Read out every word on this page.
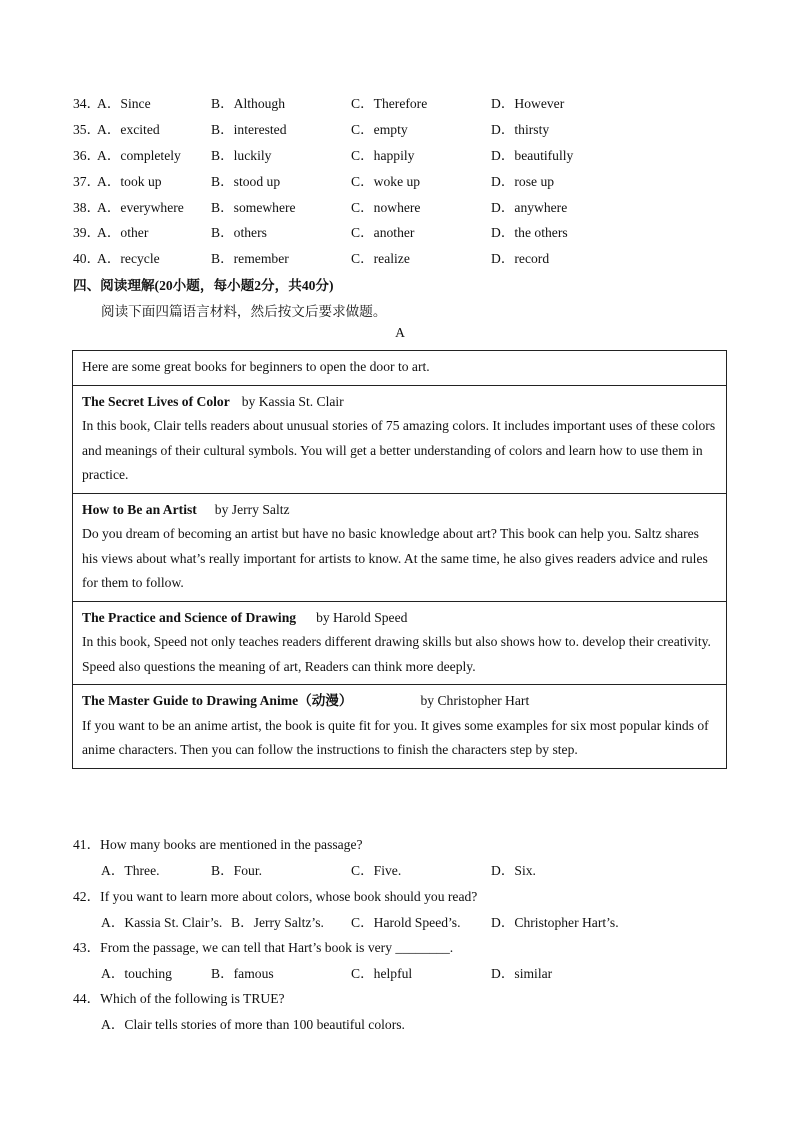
34．
A．Since	B．Although	C．Therefore	D．However
35．
A．excited	B．interested	C．empty	D．thirsty
36．
A．completely B．luckily	C．happily	D．beautifully
37．
A．took up	B．stood up	C．woke up	D．rose up
38．
A．everywhere B．somewhere	C．nowhere	D．anywhere
39．
A．other	B．others	C．another	D．the others
40．
A．recycle	B．remember	C．realize	D．record
四、阅读理解(20小题，每小题2分，共40分)
阅读下面四篇语言材料，然后按文后要求做题。
A
Here are some great books for beginners to open the door to art.

The Secret Lives of Color by Kassia St. Clair
In this book, Clair tells readers about unusual stories of 75 amazing colors. It includes important uses of these colors and meanings of their cultural symbols. You will get a better understanding of colors and learn how to use them in practice.

How to Be an Artist by Jerry Saltz
Do you dream of becoming an artist but have no basic knowledge about art? This book can help you. Saltz shares his views about what’s really important for artists to know. At the same time, he also gives readers advice and rules for them to follow.

The Practice and Science of Drawing by Harold Speed
In this book, Speed not only teaches readers different drawing skills but also shows how to. develop their creativity.
Speed also questions the meaning of art, Readers can think more deeply.

The Master Guide to Drawing Anime（动漫）	by Christopher Hart
If you want to be an anime artist, the book is quite fit for you. It gives some examples for six most popular kinds of anime characters. Then you can follow the instructions to finish the characters step by step.
41．How many books are mentioned in the passage?
A．Three.	B．Four.	C．Five.	D．Six.
42．If you want to learn more about colors, whose book should you read?
A．Kassia St. Clair’s. B．Jerry Saltz’s. C．Harold Speed’s. D．Christopher Hart’s.
43．From the passage, we can tell that Hart’s book is very ________.
A．touching	B．famous	C．helpful	D．similar
44．Which of the following is TRUE?
A．Clair tells stories of more than 100 beautiful colors.
